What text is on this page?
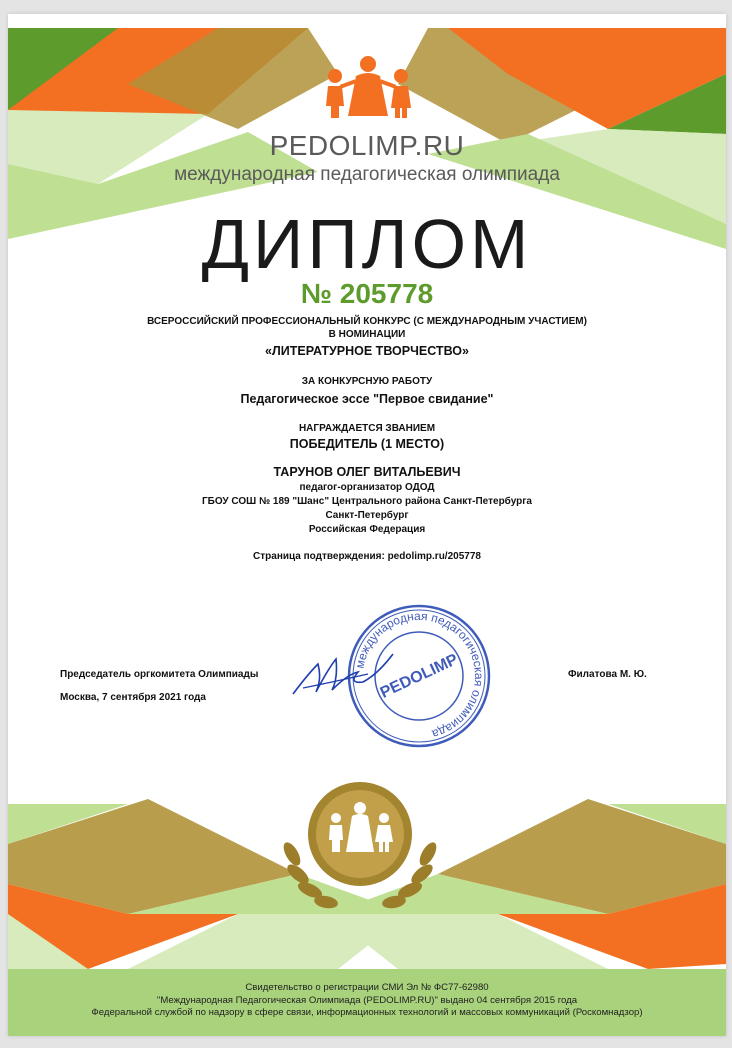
PEDOLIMP.RU
международная педагогическая олимпиада
ДИПЛОМ
№ 205778
ВСЕРОССИЙСКИЙ ПРОФЕССИОНАЛЬНЫЙ КОНКУРС (С МЕЖДУНАРОДНЫМ УЧАСТИЕМ)
В НОМИНАЦИИ
«ЛИТЕРАТУРНОЕ ТВОРЧЕСТВО»
ЗА КОНКУРСНУЮ РАБОТУ
Педагогическое эссе "Первое свидание"
НАГРАЖДАЕТСЯ ЗВАНИЕМ
ПОБЕДИТЕЛЬ (1 МЕСТО)
ТАРУНОВ ОЛЕГ ВИТАЛЬЕВИЧ
педагог-организатор ОДОД
ГБОУ СОШ № 189 "Шанс" Центрального района Санкт-Петербурга
Санкт-Петербург
Российская Федерация
Страница подтверждения: pedolimp.ru/205778
Председатель оргкомитета Олимпиады
Москва, 7 сентября 2021 года
Филатова М. Ю.
международная педагогическая олимпиада
PEDOLIMP
Свидетельство о регистрации СМИ Эл № ФС77-62980
"Международная Педагогическая Олимпиада (PEDOLIMP.RU)" выдано 04 сентября 2015 года
Федеральной службой по надзору в сфере связи, информационных технологий и массовых коммуникаций (Роскомнадзор)
